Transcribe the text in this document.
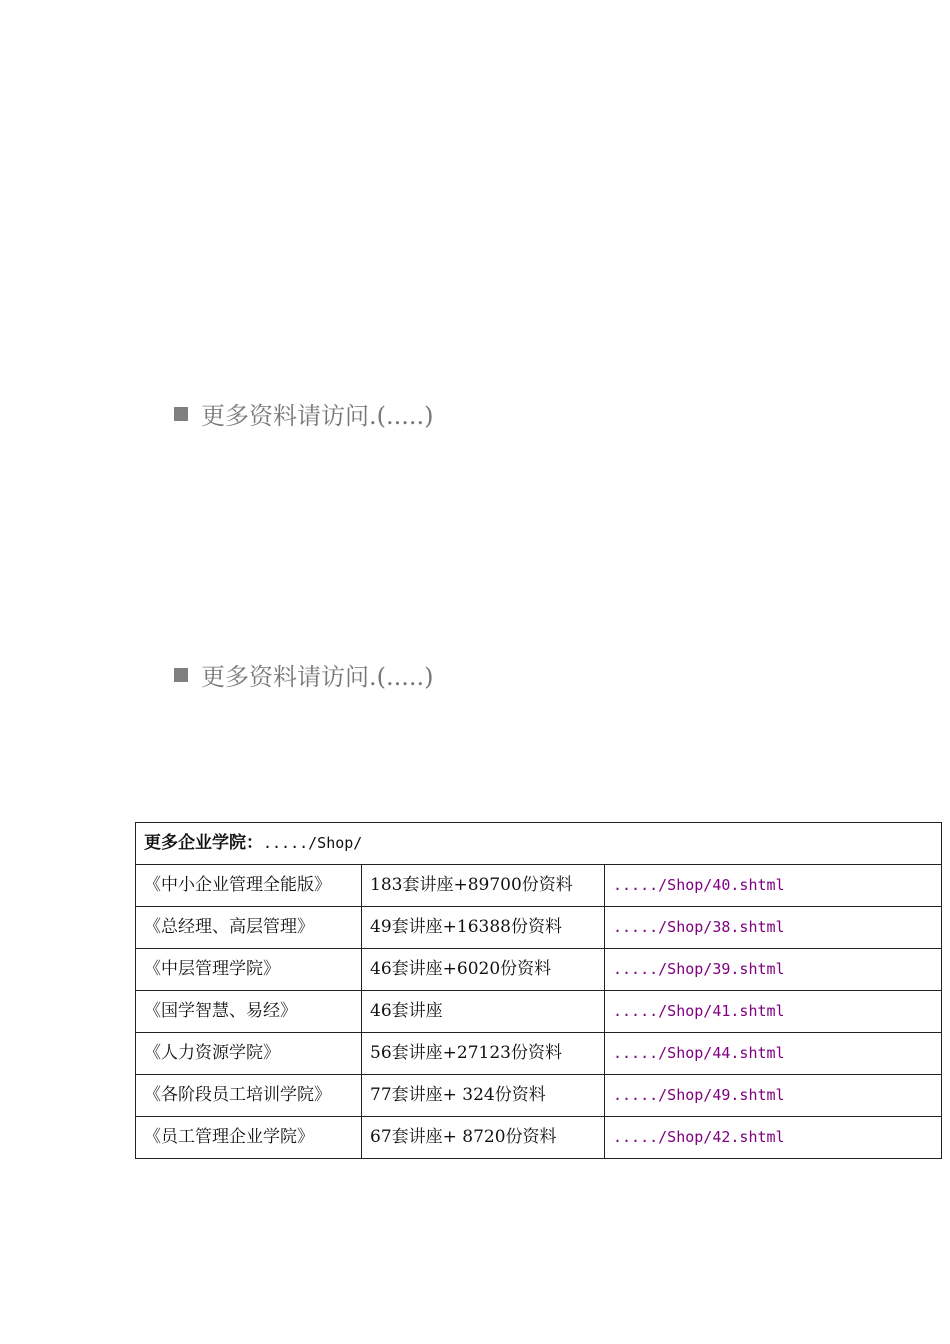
更多资料请访问.(.....)
更多资料请访问.(.....)
更多企业学院：...../Shop/		
《中小企业管理全能版》	183套讲座+89700份资料	...../Shop/40.shtml
《总经理、高层管理》	49套讲座+16388份资料	...../Shop/38.shtml
《中层管理学院》	46套讲座+6020份资料	...../Shop/39.shtml
《国学智慧、易经》	46套讲座	...../Shop/41.shtml
《人力资源学院》	56套讲座+27123份资料	...../Shop/44.shtml
《各阶段员工培训学院》	77套讲座+ 324份资料	...../Shop/49.shtml
《员工管理企业学院》	67套讲座+ 8720份资料	...../Shop/42.shtml
